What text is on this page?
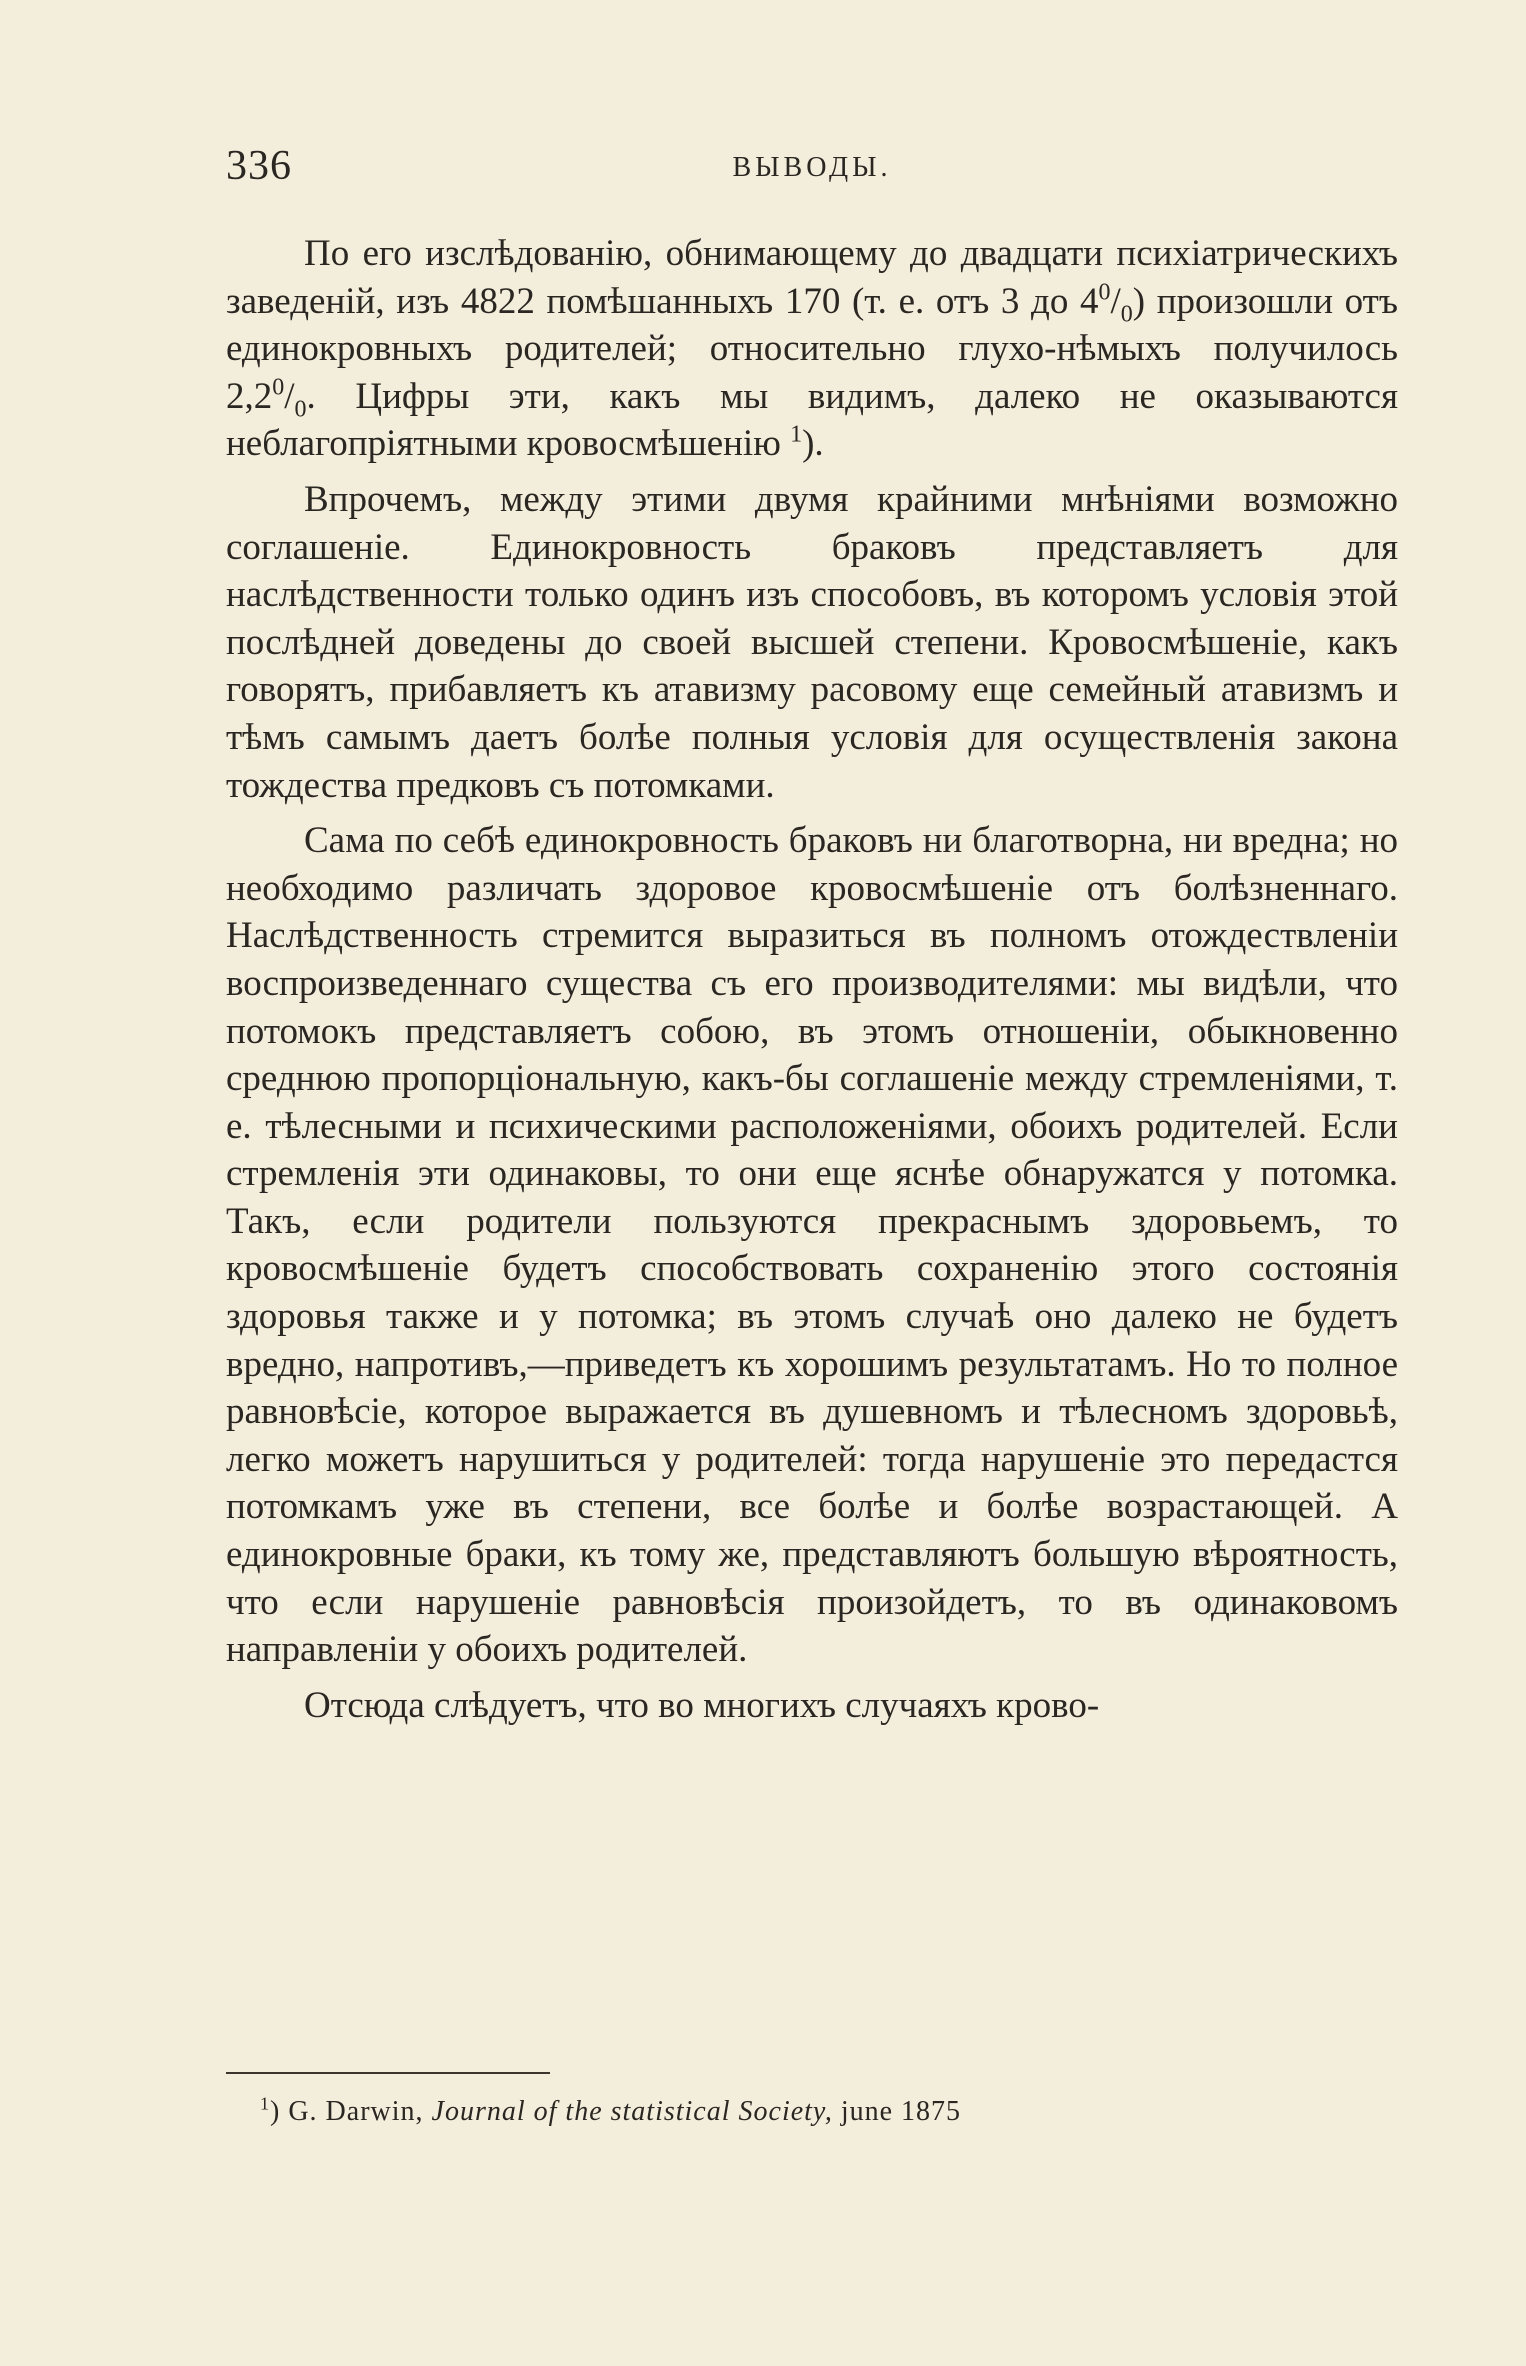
336	ВЫВОДЫ.

По его изслѣдованію, обнимающему до двадцати психіатрическихъ заведеній, изъ 4822 помѣшанныхъ 170 (т. е. отъ 3 до $4^0/_0$) произошли отъ единокровныхъ родителей; относительно глухо-нѣмыхъ получилось $2,2^0/_0$. Цифры эти, какъ мы видимъ, далеко не оказываются неблагопріятными кровосмѣшенію $^1$).

Впрочемъ, между этими двумя крайними мнѣніями возможно соглашеніе. Единокровность браковъ представляетъ для наслѣдственности только одинъ изъ способовъ, въ которомъ условія этой послѣдней доведены до своей высшей степени. Кровосмѣшеніе, какъ говорятъ, прибавляетъ къ атавизму расовому еще семейный атавизмъ и тѣмъ самымъ даетъ болѣе полныя условія для осуществленія закона тождества предковъ съ потомками.

Сама по себѣ единокровность браковъ ни благотворна, ни вредна; но необходимо различать здоровое кровосмѣшеніе отъ болѣзненнаго. Наслѣдственность стремится выразиться въ полномъ отождествленіи воспроизведеннаго существа съ его производителями: мы видѣли, что потомокъ представляетъ собою, въ этомъ отношеніи, обыкновенно среднюю пропорціональную, какъ-бы соглашеніе между стремленіями, т. е. тѣлесными и психическими расположеніями, обоихъ родителей. Если стремленія эти одинаковы, то они еще яснѣе обнаружатся у потомка. Такъ, если родители пользуются прекраснымъ здоровьемъ, то кровосмѣшеніе будетъ способствовать сохраненію этого состоянія здоровья также и у потомка; въ этомъ случаѣ оно далеко не будетъ вредно, напротивъ,—приведетъ къ хорошимъ результатамъ. Но то полное равновѣсіе, которое выражается въ душевномъ и тѣлесномъ здоровьѣ, легко можетъ нарушиться у родителей: тогда нарушеніе это передастся потомкамъ уже въ степени, все болѣе и болѣе возрастающей. А единокровные браки, къ тому же, представляютъ большую вѣроятность, что если нарушеніе равновѣсія произойдетъ, то въ одинаковомъ направленіи у обоихъ родителей.

Отсюда слѣдуетъ, что во многихъ случаяхъ крово-

$^1$) G. Darwin, Journal of the statistical Society, june 1875
